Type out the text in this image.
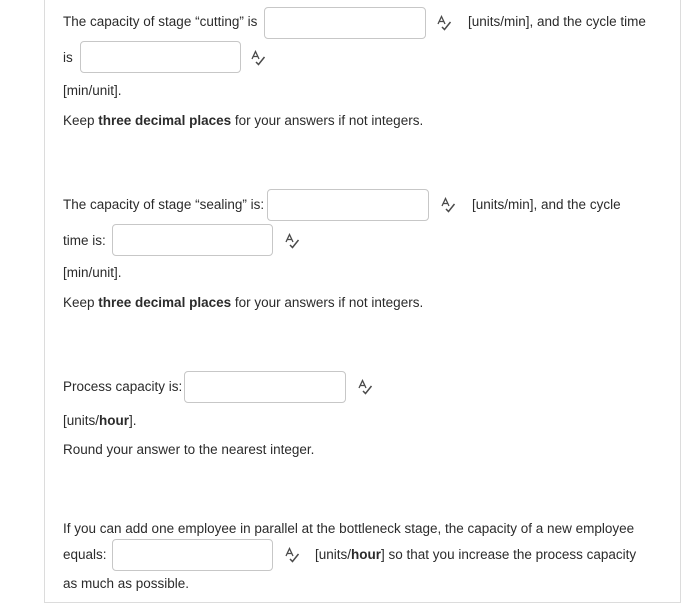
The capacity of stage “cutting” is	[units/min], and the cycle time
is
[min/unit].
Keep three decimal places for your answers if not integers.
The capacity of stage “sealing” is:	[units/min], and the cycle
time is:
[min/unit].
Keep three decimal places for your answers if not integers.
Process capacity is:
[units/hour].
Round your answer to the nearest integer.
If you can add one employee in parallel at the bottleneck stage, the capacity of a new employee
equals:	[units/hour] so that you increase the process capacity
as much as possible.
